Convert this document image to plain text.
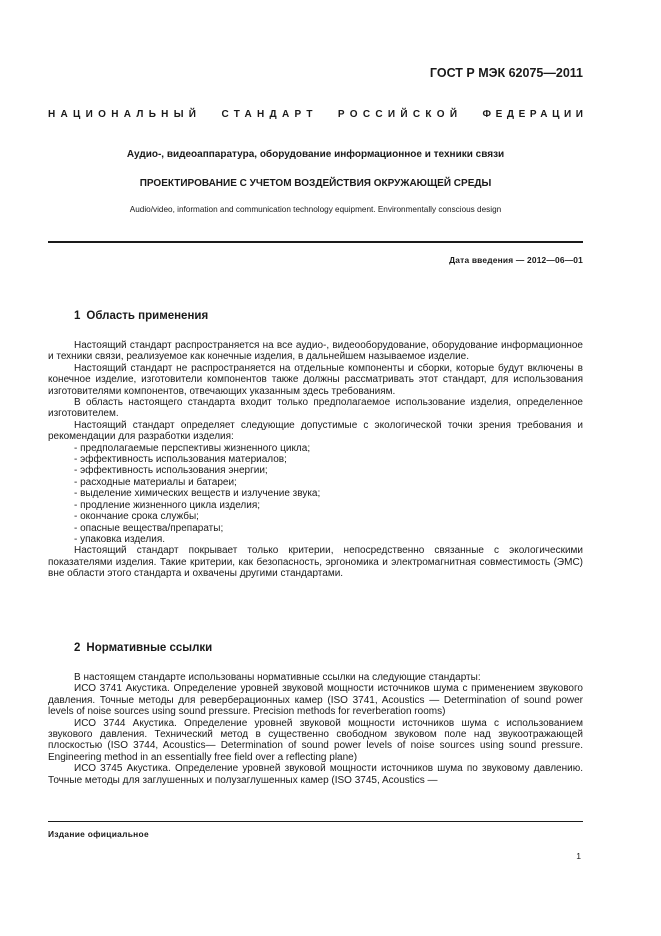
ГОСТ Р МЭК 62075—2011
НАЦИОНАЛЬНЫЙ СТАНДАРТ РОССИЙСКОЙ ФЕДЕРАЦИИ
Аудио-, видеоаппаратура, оборудование информационное и техники связи
ПРОЕКТИРОВАНИЕ С УЧЕТОМ ВОЗДЕЙСТВИЯ ОКРУЖАЮЩЕЙ СРЕДЫ
Audio/video, information and communication technology equipment. Environmentally conscious design
Дата введения — 2012—06—01
1 Область применения

Настоящий стандарт распространяется на все аудио-, видеооборудование, оборудование информационное и техники связи, реализуемое как конечные изделия, в дальнейшем называемое изделие.

Настоящий стандарт не распространяется на отдельные компоненты и сборки, которые будут включены в конечное изделие, изготовители компонентов также должны рассматривать этот стандарт, для использования изготовителями компонентов, отвечающих указанным здесь требованиям.

В область настоящего стандарта входит только предполагаемое использование изделия, определенное изготовителем.

Настоящий стандарт определяет следующие допустимые с экологической точки зрения требования и рекомендации для разработки изделия:

- предполагаемые перспективы жизненного цикла;
- эффективность использования материалов;
- эффективность использования энергии;
- расходные материалы и батареи;
- выделение химических веществ и излучение звука;
- продление жизненного цикла изделия;
- окончание срока службы;
- опасные вещества/препараты;
- упаковка изделия.

Настоящий стандарт покрывает только критерии, непосредственно связанные с экологическими показателями изделия. Такие критерии, как безопасность, эргономика и электромагнитная совместимость (ЭМС) вне области этого стандарта и охвачены другими стандартами.

2 Нормативные ссылки

В настоящем стандарте использованы нормативные ссылки на следующие стандарты:

ИСО 3741 Акустика. Определение уровней звуковой мощности источников шума с применением звукового давления. Точные методы для реверберационных камер (ISO 3741, Acoustics — Determination of sound power levels of noise sources using sound pressure. Precision methods for reverberation rooms)

ИСО 3744 Акустика. Определение уровней звуковой мощности источников шума с использованием звукового давления. Технический метод в существенно свободном звуковом поле над звукоотражающей плоскостью (ISO 3744, Acoustics— Determination of sound power levels of noise sources using sound pressure. Engineering method in an essentially free field over a reflecting plane)

ИСО 3745 Акустика. Определение уровней звуковой мощности источников шума по звуковому давлению. Точные методы для заглушенных и полузаглушенных камер (ISO 3745, Acoustics —

Издание официальное
1
